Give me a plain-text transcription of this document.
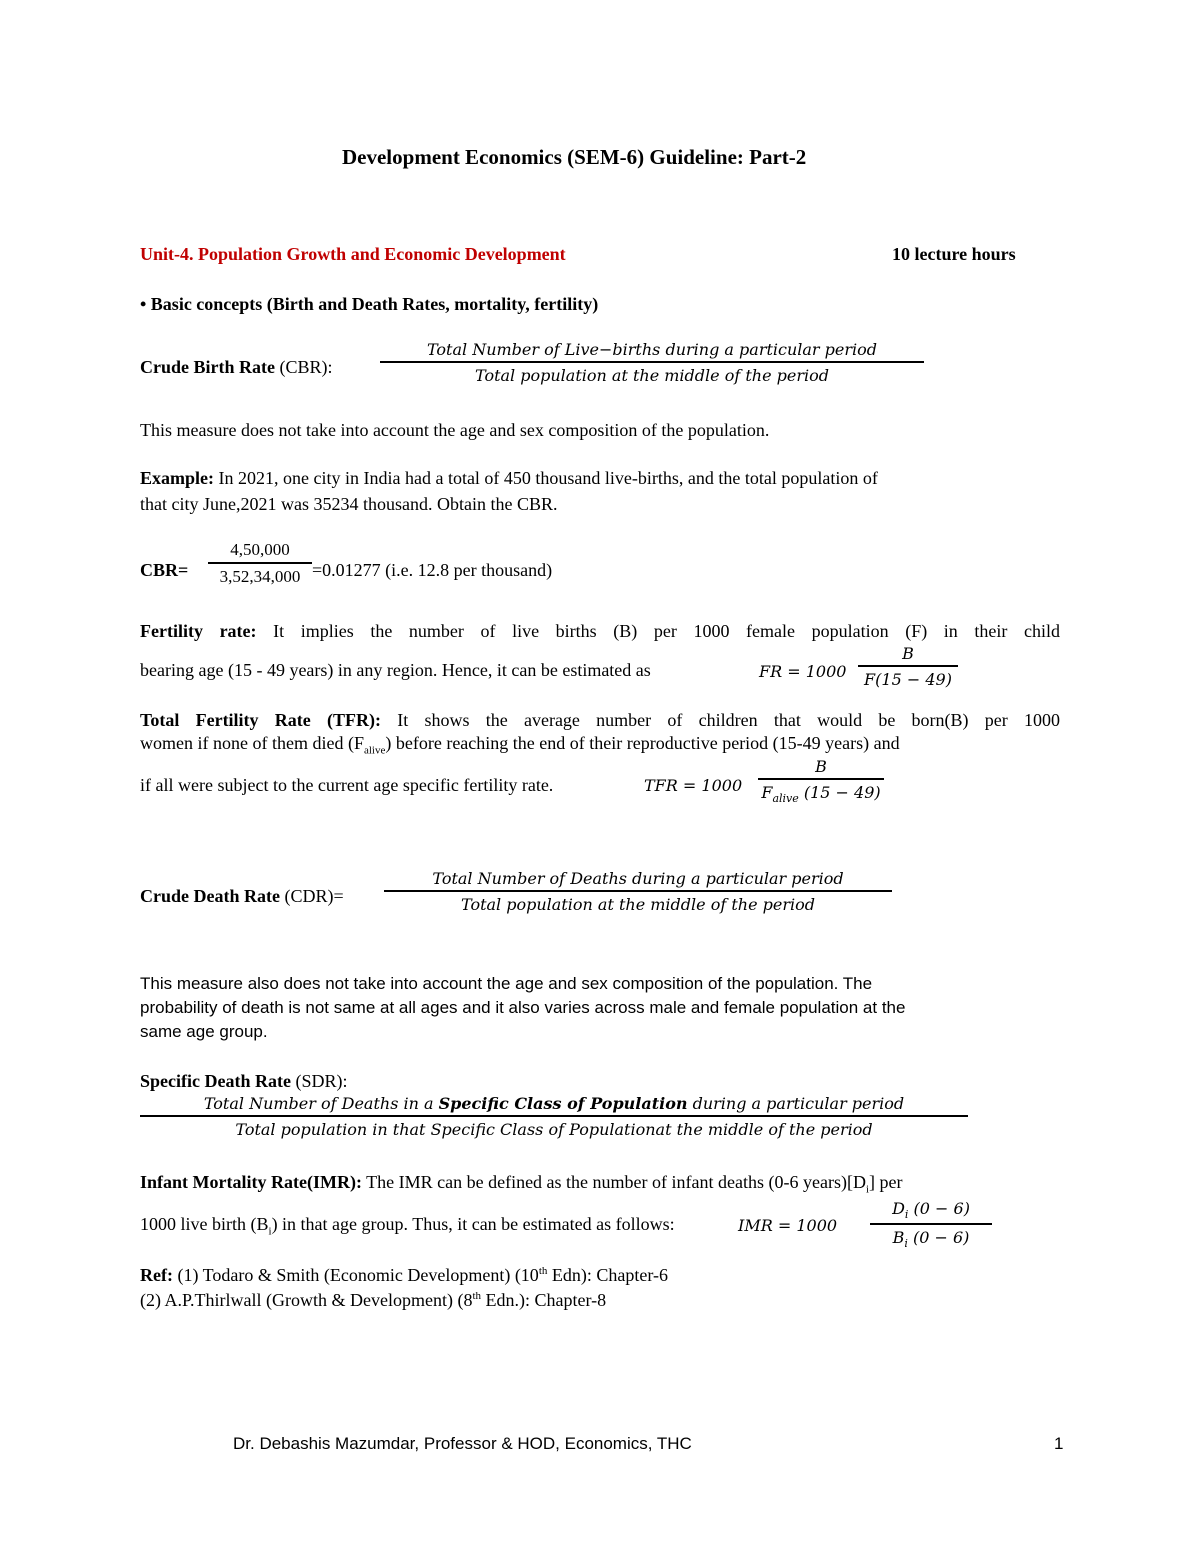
Development Economics (SEM-6) Guideline: Part-2
Unit-4. Population Growth and Economic Development	10 lecture hours
• Basic concepts (Birth and Death Rates, mortality, fertility)
Crude Birth Rate (CBR):
Total Number of Live−births during a particular period
Total population at the middle of the period
This measure does not take into account the age and sex composition of the population.
Example: In 2021, one city in India had a total of 450 thousand live-births, and the total population of
that city June,2021 was 35234 thousand. Obtain the CBR.
$CBR= \frac{4,50,000}{3,52,34,000} =0.01277$ (i.e. 12.8 per thousand)
Fertility rate: It implies the number of live births (B) per 1000 female population (F) in their child
bearing age (15 - 49 years) in any region. Hence, it can be estimated as	FR = $1000 \frac{B}{F(15 - 49)}$
Total Fertility Rate (TFR): It shows the average number of children that would be born(B) per 1000
women if none of them died $(F_{alive})$ before reaching the end of their reproductive period (15-49 years) and
if all were subject to the current age specific fertility rate.	TFR = 1000
B
$F_{alive}$ (15 − 49)
Crude Death Rate (CDR)=
Total Number of Deaths during a particular period
Total population at the middle of the period
This measure also does not take into account the age and sex composition of the population. The
probability of death is not same at all ages and it also varies across male and female population at the
same age group.
Specific Death Rate (SDR):
Total Number of Deaths in a Specific Class of Population during a particular period
Total population in that Specific Class of Populationat the middle of the period
Infant Mortality Rate(IMR): The IMR can be defined as the number of infant deaths (0-6 $years)[D_i]$ per
1000 live birth $(B_i)$ in that age group. Thus, it can be estimated as follows:	IMR = $1000 \frac{D_i (0 - 6)}{B_i (0 - 6)}$
Ref: (1) Todaro & Smith (Economic Development) (10th Edn): Chapter-6
(2) A.P.Thirlwall (Growth & Development) (8th Edn.): Chapter-8
Dr. Debashis Mazumdar, Professor & HOD, Economics, THC	1
